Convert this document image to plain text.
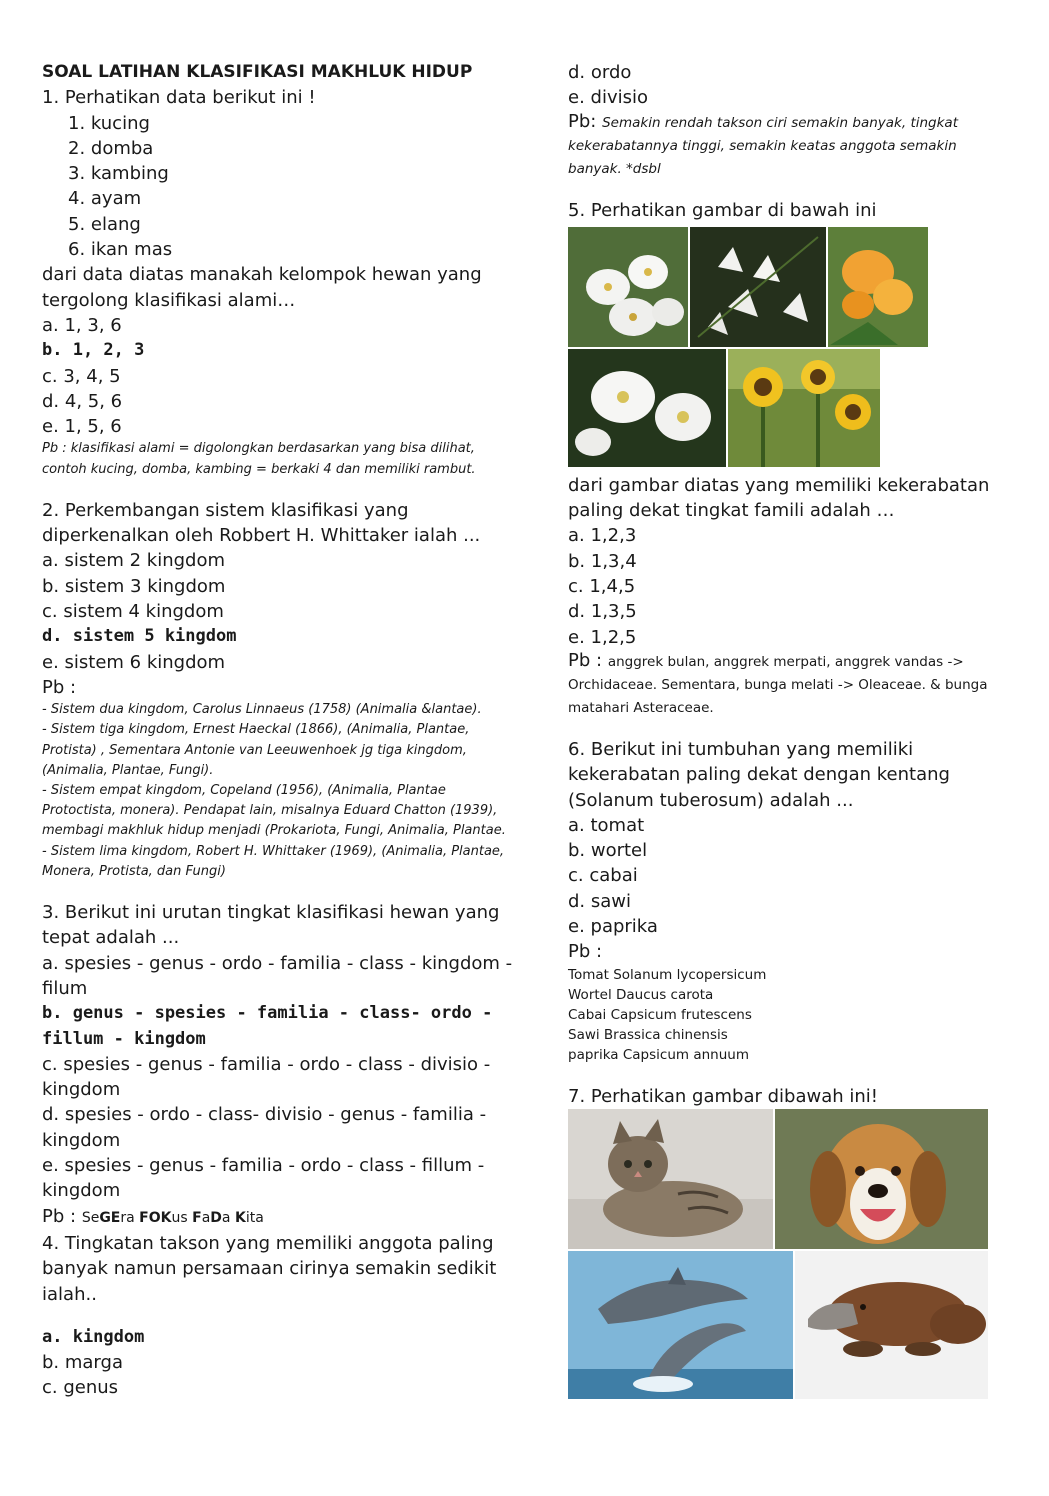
SOAL LATIHAN KLASIFIKASI MAKHLUK HIDUP
1. Perhatikan data berikut ini !
1. kucing
2. domba
3. kambing
4. ayam
5. elang
6. ikan mas
dari data diatas manakah kelompok hewan yang tergolong klasifikasi alami…
a. 1, 3, 6
b. 1, 2, 3
c. 3, 4, 5
d. 4, 5, 6
e. 1, 5, 6
Pb : klasifikasi alami = digolongkan berdasarkan yang bisa dilihat, contoh kucing, domba, kambing = berkaki 4 dan memiliki rambut.
2. Perkembangan sistem klasifikasi yang diperkenalkan oleh Robbert H. Whittaker ialah ...
a. sistem 2 kingdom
b. sistem 3 kingdom
c. sistem 4 kingdom
d. sistem 5 kingdom
e. sistem 6 kingdom
Pb :
- Sistem dua kingdom, Carolus Linnaeus (1758) (Animalia &lantae).
- Sistem tiga kingdom, Ernest Haeckal (1866), (Animalia, Plantae, Protista) , Sementara Antonie van Leeuwenhoek jg tiga kingdom, (Animalia, Plantae, Fungi).
- Sistem empat kingdom, Copeland (1956), (Animalia, Plantae Protoctista, monera). Pendapat lain, misalnya Eduard Chatton (1939), membagi makhluk hidup menjadi (Prokariota, Fungi, Animalia, Plantae.
- Sistem lima kingdom, Robert H. Whittaker (1969), (Animalia, Plantae, Monera, Protista, dan Fungi)
3. Berikut ini urutan tingkat klasifikasi hewan yang tepat adalah ...
a. spesies - genus - ordo - familia - class - kingdom - filum
b. genus - spesies - familia - class- ordo - fillum - kingdom
c. spesies - genus - familia - ordo - class - divisio - kingdom
d. spesies - ordo - class- divisio - genus - familia - kingdom
e. spesies - genus - familia - ordo - class - fillum - kingdom
Pb : SeGEra FOKus FaDa Kita
4. Tingkatan takson yang memiliki anggota paling banyak namun persamaan cirinya semakin sedikit ialah..
a. kingdom
b. marga
c. genus
d. ordo
e. divisio
Pb: Semakin rendah takson ciri semakin banyak, tingkat kekerabatannya tinggi, semakin keatas anggota semakin banyak. *dsbl
5. Perhatikan gambar di bawah ini
dari gambar diatas yang memiliki kekerabatan paling dekat tingkat famili adalah …
a. 1,2,3
b. 1,3,4
c. 1,4,5
d. 1,3,5
e. 1,2,5
Pb : anggrek bulan, anggrek merpati, anggrek vandas -> Orchidaceae. Sementara, bunga melati -> Oleaceae. & bunga matahari Asteraceae.
6. Berikut ini tumbuhan yang memiliki kekerabatan paling dekat dengan kentang (Solanum tuberosum) adalah ...
a. tomat
b. wortel
c. cabai
d. sawi
e. paprika
Pb :
Tomat Solanum lycopersicum
Wortel Daucus carota
Cabai Capsicum frutescens
Sawi Brassica chinensis
paprika Capsicum annuum
7. Perhatikan gambar dibawah ini!
